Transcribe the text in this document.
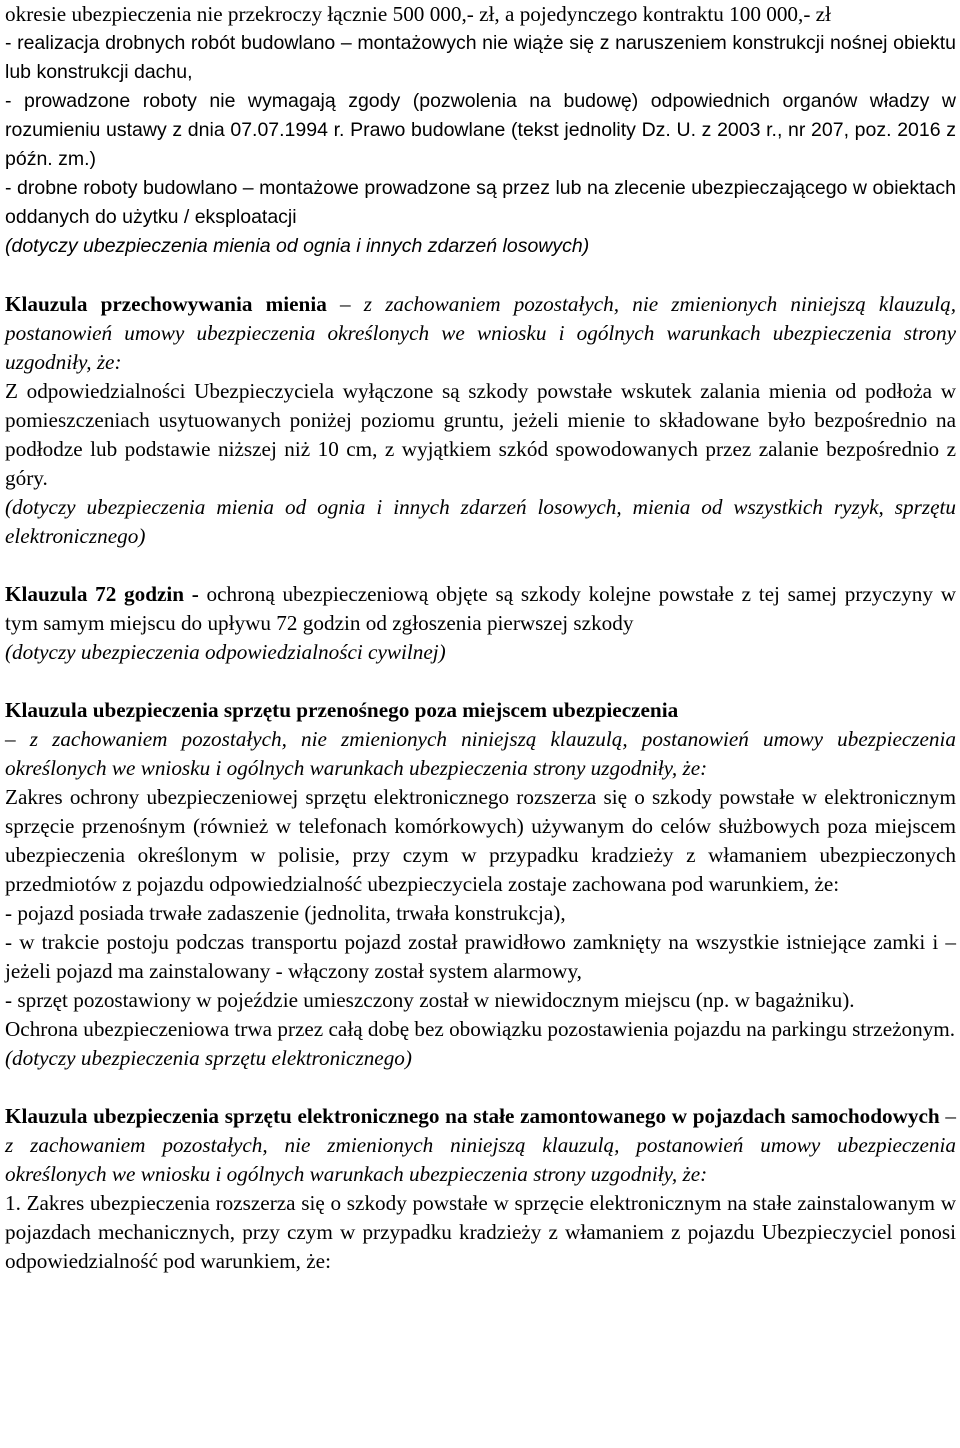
okresie ubezpieczenia nie przekroczy łącznie 500 000,- zł, a pojedynczego kontraktu 100 000,- zł

- realizacja drobnych robót budowlano – montażowych nie wiąże się z naruszeniem konstrukcji nośnej obiektu lub konstrukcji dachu,

- prowadzone roboty nie wymagają zgody (pozwolenia na budowę) odpowiednich organów władzy w rozumieniu ustawy z dnia 07.07.1994 r. Prawo budowlane (tekst jednolity Dz. U. z 2003 r., nr 207, poz. 2016 z późn. zm.)

- drobne roboty budowlano – montażowe prowadzone są przez lub na zlecenie ubezpieczającego w obiektach oddanych do użytku / eksploatacji

(dotyczy ubezpieczenia mienia od ognia i innych zdarzeń losowych)

Klauzula przechowywania mienia – z zachowaniem pozostałych, nie zmienionych niniejszą klauzulą, postanowień umowy ubezpieczenia określonych we wniosku i ogólnych warunkach ubezpieczenia strony uzgodniły, że:

Z odpowiedzialności Ubezpieczyciela wyłączone są szkody powstałe wskutek zalania mienia od podłoża w pomieszczeniach usytuowanych poniżej poziomu gruntu, jeżeli mienie to składowane było bezpośrednio na podłodze lub podstawie niższej niż 10 cm, z wyjątkiem szkód spowodowanych przez zalanie bezpośrednio z góry.

(dotyczy ubezpieczenia mienia od ognia i innych zdarzeń losowych, mienia od wszystkich ryzyk, sprzętu elektronicznego)

Klauzula 72 godzin - ochroną ubezpieczeniową objęte są szkody kolejne powstałe z tej samej przyczyny w tym samym miejscu do upływu 72 godzin od zgłoszenia pierwszej szkody

(dotyczy ubezpieczenia odpowiedzialności cywilnej)

Klauzula ubezpieczenia sprzętu przenośnego poza miejscem ubezpieczenia

– z zachowaniem pozostałych, nie zmienionych niniejszą klauzulą, postanowień umowy ubezpieczenia określonych we wniosku i ogólnych warunkach ubezpieczenia strony uzgodniły, że:

Zakres ochrony ubezpieczeniowej sprzętu elektronicznego rozszerza się o szkody powstałe w elektronicznym sprzęcie przenośnym (również w telefonach komórkowych) używanym do celów służbowych poza miejscem ubezpieczenia określonym w polisie, przy czym w przypadku kradzieży z włamaniem ubezpieczonych przedmiotów z pojazdu odpowiedzialność ubezpieczyciela zostaje zachowana pod warunkiem, że:

- pojazd posiada trwałe zadaszenie (jednolita, trwała konstrukcja),

- w trakcie postoju podczas transportu pojazd został prawidłowo zamknięty na wszystkie istniejące zamki i – jeżeli pojazd ma zainstalowany - włączony został system alarmowy,

- sprzęt pozostawiony w pojeździe umieszczony został w niewidocznym miejscu (np. w bagażniku).

Ochrona ubezpieczeniowa trwa przez całą dobę bez obowiązku pozostawienia pojazdu na parkingu strzeżonym.

(dotyczy ubezpieczenia sprzętu elektronicznego)

Klauzula ubezpieczenia sprzętu elektronicznego na stałe zamontowanego w pojazdach samochodowych – z zachowaniem pozostałych, nie zmienionych niniejszą klauzulą, postanowień umowy ubezpieczenia określonych we wniosku i ogólnych warunkach ubezpieczenia strony uzgodniły, że:

1. Zakres ubezpieczenia rozszerza się o szkody powstałe w sprzęcie elektronicznym na stałe zainstalowanym w pojazdach mechanicznych, przy czym w przypadku kradzieży z włamaniem z pojazdu Ubezpieczyciel ponosi odpowiedzialność pod warunkiem, że:
